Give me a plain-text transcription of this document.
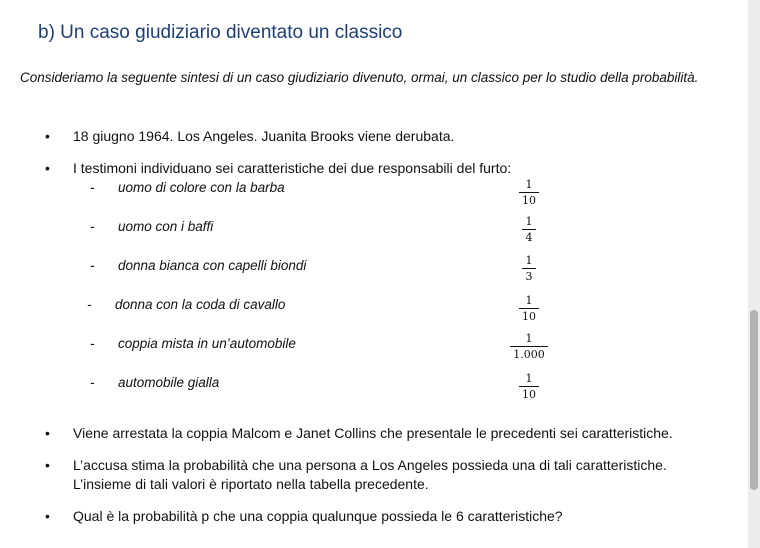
b) Un caso giudiziario diventato un classico
Consideriamo la seguente sintesi di un caso giudiziario divenuto, ormai, un classico per lo studio della probabilità.
• 18 giugno 1964. Los Angeles. Juanita Brooks viene derubata.
• I testimoni individuano sei caratteristiche dei due responsabili del furto:
- uomo di colore con la barba	1
10
- uomo con i baffi	1
4
- donna bianca con capelli biondi	1
3
- donna con la coda di cavallo	1
10
- coppia mista in un’automobile	1
1.000
- automobile gialla	1
10
• Viene arrestata la coppia Malcom e Janet Collins che presentale le precedenti sei caratteristiche.
• L’accusa stima la probabilità che una persona a Los Angeles possieda una di tali caratteristiche.
L’insieme di tali valori è riportato nella tabella precedente.
• Qual è la probabilità p che una coppia qualunque possieda le 6 caratteristiche?
